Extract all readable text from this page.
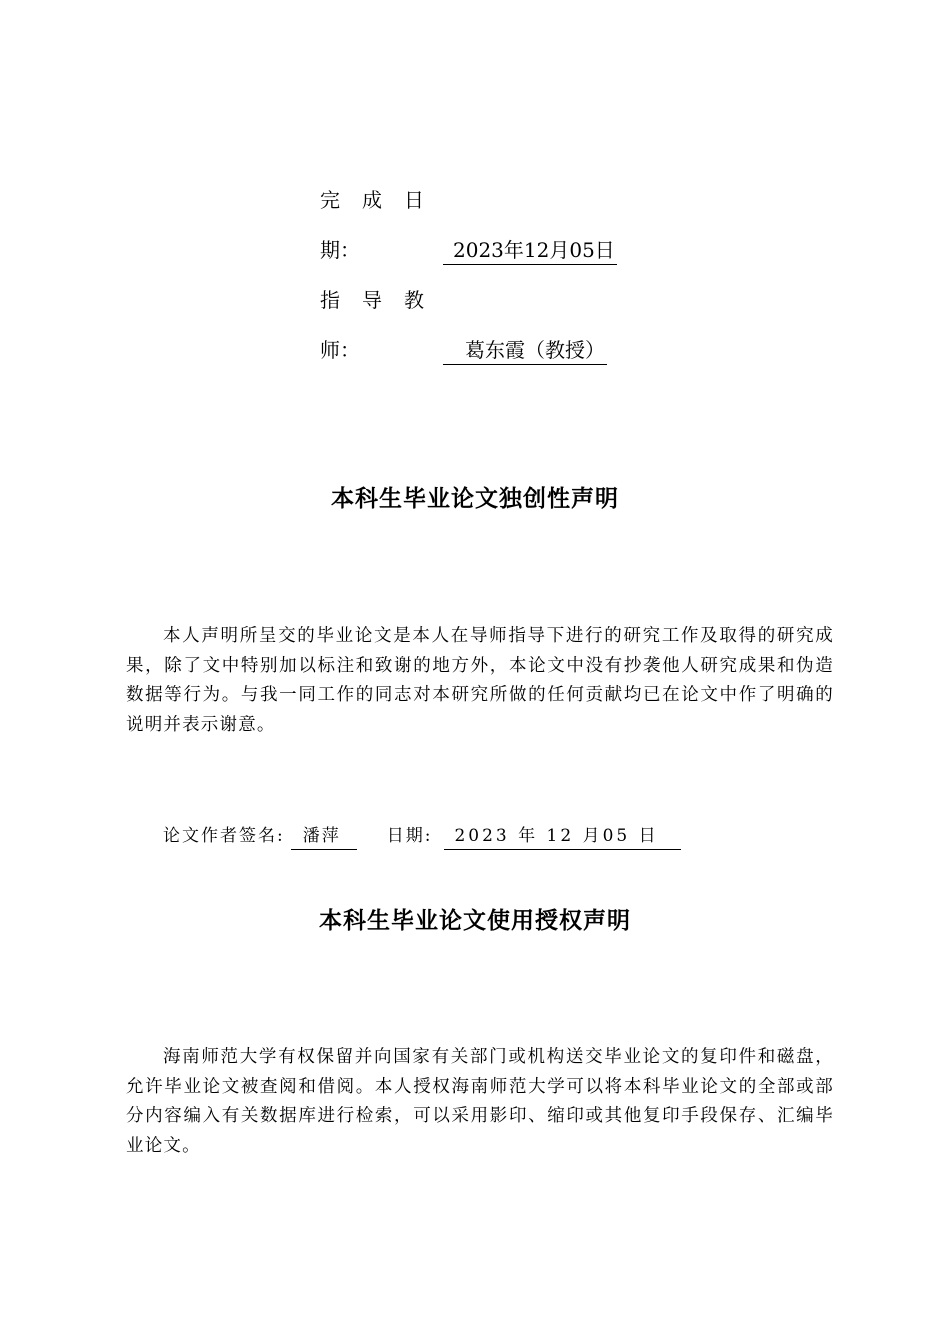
完成日
期：	2023年12月05日
指导教
师：	葛东霞（教授）
本科生毕业论文独创性声明

本人声明所呈交的毕业论文是本人在导师指导下进行的研究工作及取得的研究成果，除了文中特别加以标注和致谢的地方外，本论文中没有抄袭他人研究成果和伪造数据等行为。与我一同工作的同志对本研究所做的任何贡献均已在论文中作了明确的说明并表示谢意。

论文作者签名: 潘萍	日期: 2023 年 12 月05 日
本科生毕业论文使用授权声明

海南师范大学有权保留并向国家有关部门或机构送交毕业论文的复印件和磁盘，允许毕业论文被查阅和借阅。本人授权海南师范大学可以将本科毕业论文的全部或部分内容编入有关数据库进行检索，可以采用影印、缩印或其他复印手段保存、汇编毕业论文。
